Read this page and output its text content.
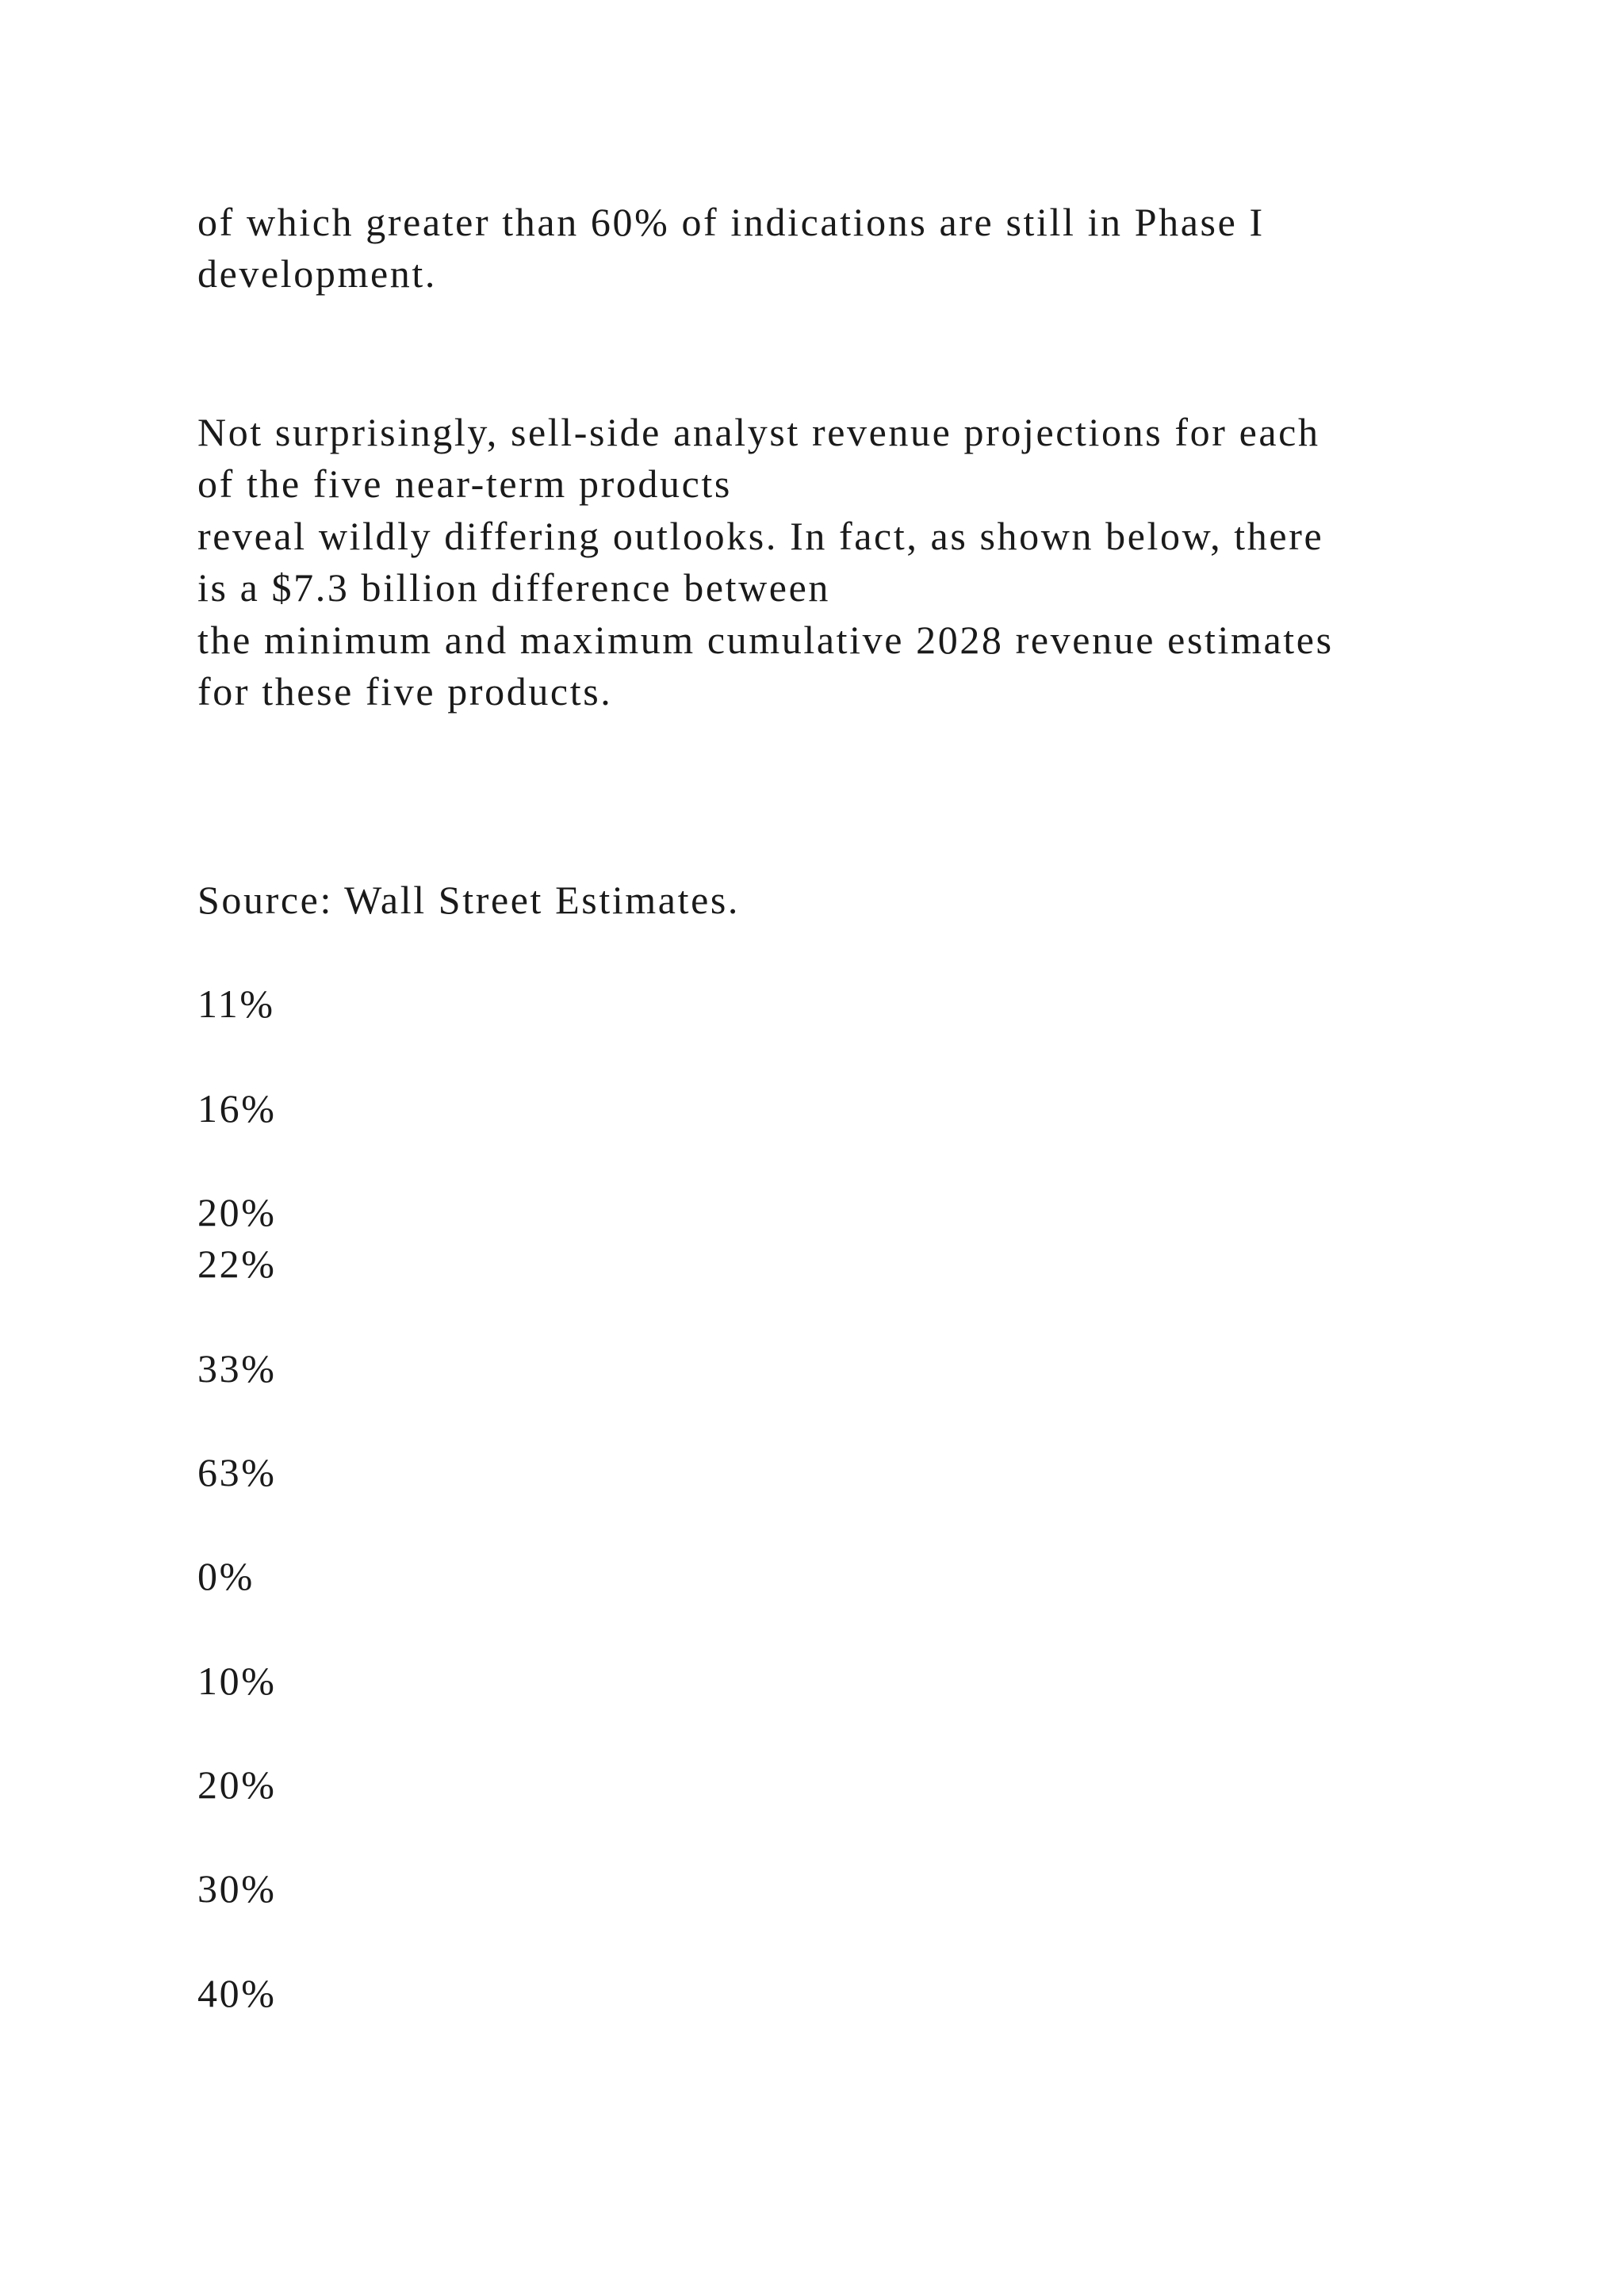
of which greater than 60% of indications are still in Phase I
development.
Not surprisingly, sell-side analyst revenue projections for each
of the five near-term products
reveal wildly differing outlooks. In fact, as shown below, there
is a $7.3 billion difference between
the minimum and maximum cumulative 2028 revenue estimates
for these five products.
Source: Wall Street Estimates.
11%
16%
20%
22%
33%
63%
0%
10%
20%
30%
40%
